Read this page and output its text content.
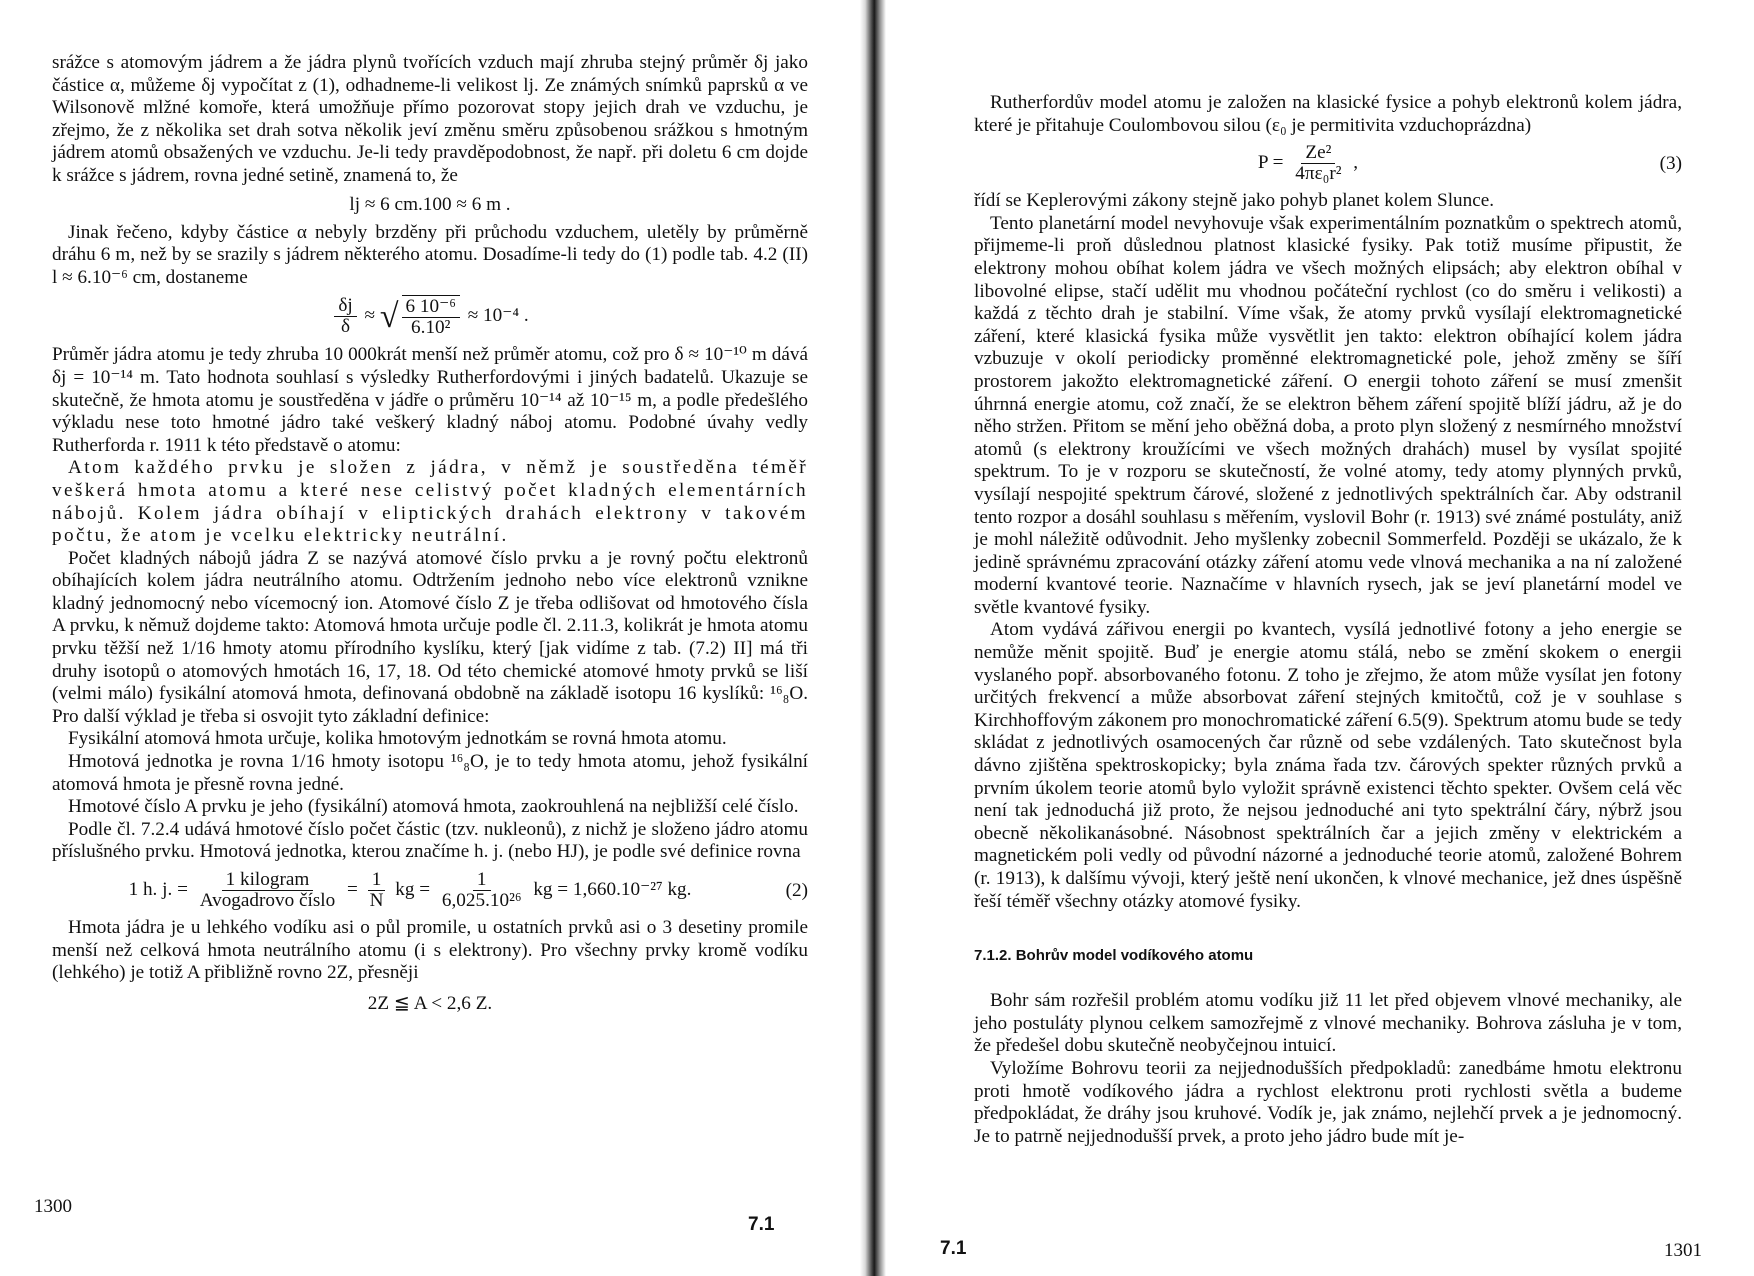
srážce s atomovým jádrem a že jádra plynů tvořících vzduch mají zhruba stejný průměr δj jako částice α, můžeme δj vypočítat z (1), odhadneme-li velikost lj. Ze známých snímků paprsků α ve Wilsonově mlžné komoře, která umožňuje přímo pozorovat stopy jejich drah ve vzduchu, je zřejmo, že z několika set drah sotva několik jeví změnu směru způsobenou srážkou s hmotným jádrem atomů obsažených ve vzduchu. Je-li tedy pravděpodobnost, že např. při doletu 6 cm dojde k srážce s jádrem, rovna jedné setině, znamená to, že

lj ≈ 6 cm.100 ≈ 6 m .

Jinak řečeno, kdyby částice α nebyly brzděny při průchodu vzduchem, uletěly by průměrně dráhu 6 m, než by se srazily s jádrem některého atomu. Dosadíme-li tedy do (1) podle tab. 4.2 (II) l ≈ 6.10⁻⁶ cm, dostaneme

$\frac{\delta j}{\delta}$ ≈ √ $\frac{\text{6 10⁻⁶}}{\text{6.10²}} \approx 10^{-4}$ .

Průměr jádra atomu je tedy zhruba 10 000krát menší než průměr atomu, což pro δ ≈ 10⁻¹⁰ m dává δj = 10⁻¹⁴ m. Tato hodnota souhlasí s výsledky Rutherfordovými i jiných badatelů. Ukazuje se skutečně, že hmota atomu je soustředěna v jádře o průměru 10⁻¹⁴ až 10⁻¹⁵ m, a podle předešlého výkladu nese toto hmotné jádro také veškerý kladný náboj atomu. Podobné úvahy vedly Rutherforda r. 1911 k této představě o atomu:

Atom každého prvku je složen z jádra, v němž je soustředěna téměř veškerá hmota atomu a které nese celistvý počet kladných elementárních nábojů. Kolem jádra obíhají v eliptických drahách elektrony v takovém počtu, že atom je vcelku elektricky neutrální.

Počet kladných nábojů jádra Z se nazývá atomové číslo prvku a je rovný počtu elektronů obíhajících kolem jádra neutrálního atomu. Odtržením jednoho nebo více elektronů vznikne kladný jednomocný nebo vícemocný ion. Atomové číslo Z je třeba odlišovat od hmotového čísla A prvku, k němuž dojdeme takto: Atomová hmota určuje podle čl. 2.11.3, kolikrát je hmota atomu prvku těžší než 1/16 hmoty atomu přírodního kyslíku, který [jak vidíme z tab. (7.2) II] má tři druhy isotopů o atomových hmotách 16, 17, 18. Od této chemické atomové hmoty prvků se liší (velmi málo) fysikální atomová hmota, definovaná obdobně na základě isotopu 16 kyslíků: ¹⁶₈O. Pro další výklad je třeba si osvojit tyto základní definice:

Fysikální atomová hmota určuje, kolika hmotovým jednotkám se rovná hmota atomu.

Hmotová jednotka je rovna 1/16 hmoty isotopu ¹⁶₈O, je to tedy hmota atomu, jehož fysikální atomová hmota je přesně rovna jedné.

Hmotové číslo A prvku je jeho (fysikální) atomová hmota, zaokrouhlená na nejbližší celé číslo.

Podle čl. 7.2.4 udává hmotové číslo počet částic (tzv. nukleonů), z nichž je složeno jádro atomu příslušného prvku. Hmotová jednotka, kterou značíme h. j. (nebo HJ), je podle své definice rovna

1 h. j. = $\frac{\text{1 kilogram}}{\text{Avogadrovo číslo}} = \frac{1}{N}$ kg = $\frac{1}{\text{6,025.10²⁶}}$ kg = 1,660.10⁻²⁷ kg.	(2)

Hmota jádra je u lehkého vodíku asi o půl promile, u ostatních prvků asi o 3 desetiny promile menší než celková hmota neutrálního atomu (i s elektrony). Pro všechny prvky kromě vodíku (lehkého) je totiž A přibližně rovno 2Z, přesněji

2Z ≦ A < 2,6 Z.
1300
7.1

Rutherfordův model atomu je založen na klasické fysice a pohyb elektronů kolem jádra, které je přitahuje Coulombovou silou (ε₀ je permitivita vzduchoprázdna)

$P = \frac{\text{Ze²}}{\text{4πε₀r²}}$ ,	(3)

řídí se Keplerovými zákony stejně jako pohyb planet kolem Slunce.

Tento planetární model nevyhovuje však experimentálním poznatkům o spektrech atomů, přijmeme-li proň důslednou platnost klasické fysiky. Pak totiž musíme připustit, že elektrony mohou obíhat kolem jádra ve všech možných elipsách; aby elektron obíhal v libovolné elipse, stačí udělit mu vhodnou počáteční rychlost (co do směru i velikosti) a každá z těchto drah je stabilní. Víme však, že atomy prvků vysílají elektromagnetické záření, které klasická fysika může vysvětlit jen takto: elektron obíhající kolem jádra vzbuzuje v okolí periodicky proměnné elektromagnetické pole, jehož změny se šíří prostorem jakožto elektromagnetické záření. O energii tohoto záření se musí zmenšit úhrnná energie atomu, což značí, že se elektron během záření spojitě blíží jádru, až je do něho stržen. Přitom se mění jeho oběžná doba, a proto plyn složený z nesmírného množství atomů (s elektrony kroužícími ve všech možných drahách) musel by vysílat spojité spektrum. To je v rozporu se skutečností, že volné atomy, tedy atomy plynných prvků, vysílají nespojité spektrum čárové, složené z jednotlivých spektrálních čar. Aby odstranil tento rozpor a dosáhl souhlasu s měřením, vyslovil Bohr (r. 1913) své známé postuláty, aniž je mohl náležitě odůvodnit. Jeho myšlenky zobecnil Sommerfeld. Později se ukázalo, že k jedině správnému zpracování otázky záření atomu vede vlnová mechanika a na ní založené moderní kvantové teorie. Naznačíme v hlavních rysech, jak se jeví planetární model ve světle kvantové fysiky.

Atom vydává zářivou energii po kvantech, vysílá jednotlivé fotony a jeho energie se nemůže měnit spojitě. Buď je energie atomu stálá, nebo se změní skokem o energii vyslaného popř. absorbovaného fotonu. Z toho je zřejmo, že atom může vysílat jen fotony určitých frekvencí a může absorbovat záření stejných kmitočtů, což je v souhlase s Kirchhoffovým zákonem pro monochromatické záření 6.5(9). Spektrum atomu bude se tedy skládat z jednotlivých osamocených čar různě od sebe vzdálených. Tato skutečnost byla dávno zjištěna spektroskopicky; byla známa řada tzv. čárových spekter různých prvků a prvním úkolem teorie atomů bylo vyložit správně existenci těchto spekter. Ovšem celá věc není tak jednoduchá již proto, že nejsou jednoduché ani tyto spektrální čáry, nýbrž jsou obecně několikanásobné. Násobnost spektrálních čar a jejich změny v elektrickém a magnetickém poli vedly od původní názorné a jednoduché teorie atomů, založené Bohrem (r. 1913), k dalšímu vývoji, který ještě není ukončen, k vlnové mechanice, jež dnes úspěšně řeší téměř všechny otázky atomové fysiky.

7.1.2. Bohrův model vodíkového atomu

Bohr sám rozřešil problém atomu vodíku již 11 let před objevem vlnové mechaniky, ale jeho postuláty plynou celkem samozřejmě z vlnové mechaniky. Bohrova zásluha je v tom, že předešel dobu skutečně neobyčejnou intuicí.

Vyložíme Bohrovu teorii za nejjednodušších předpokladů: zanedbáme hmotu elektronu proti hmotě vodíkového jádra a rychlost elektronu proti rychlosti světla a budeme předpokládat, že dráhy jsou kruhové. Vodík je, jak známo, nejlehčí prvek a je jednomocný. Je to patrně nejjednodušší prvek, a proto jeho jádro bude mít je-

7.1	1301
